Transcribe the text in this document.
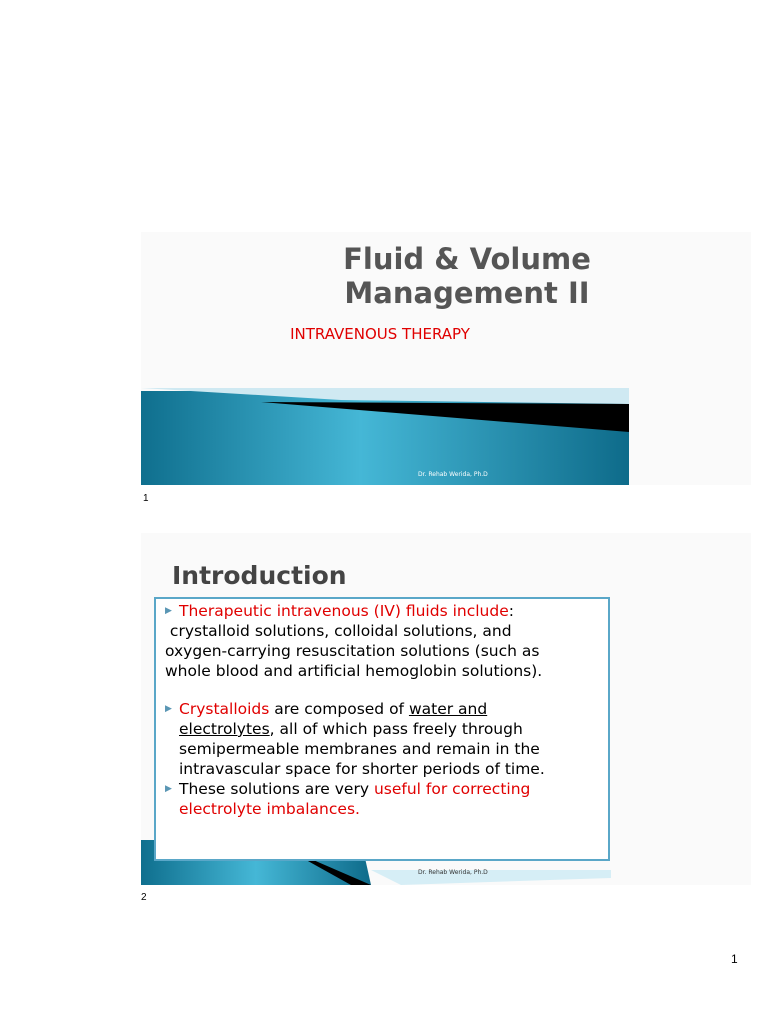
Fluid & Volume
Management II
INTRAVENOUS THERAPY
Dr. Rehab Werida, Ph.D
1
Introduction
▶ Therapeutic intravenous (IV) fluids include:
crystalloid solutions, colloidal solutions, and
oxygen-carrying resuscitation solutions (such as
whole blood and artificial hemoglobin solutions).
▶ Crystalloids are composed of water and
electrolytes, all of which pass freely through
semipermeable membranes and remain in the
intravascular space for shorter periods of time.
▶ These solutions are very useful for correcting
electrolyte imbalances.
Dr. Rehab Werida, Ph.D
2
1
